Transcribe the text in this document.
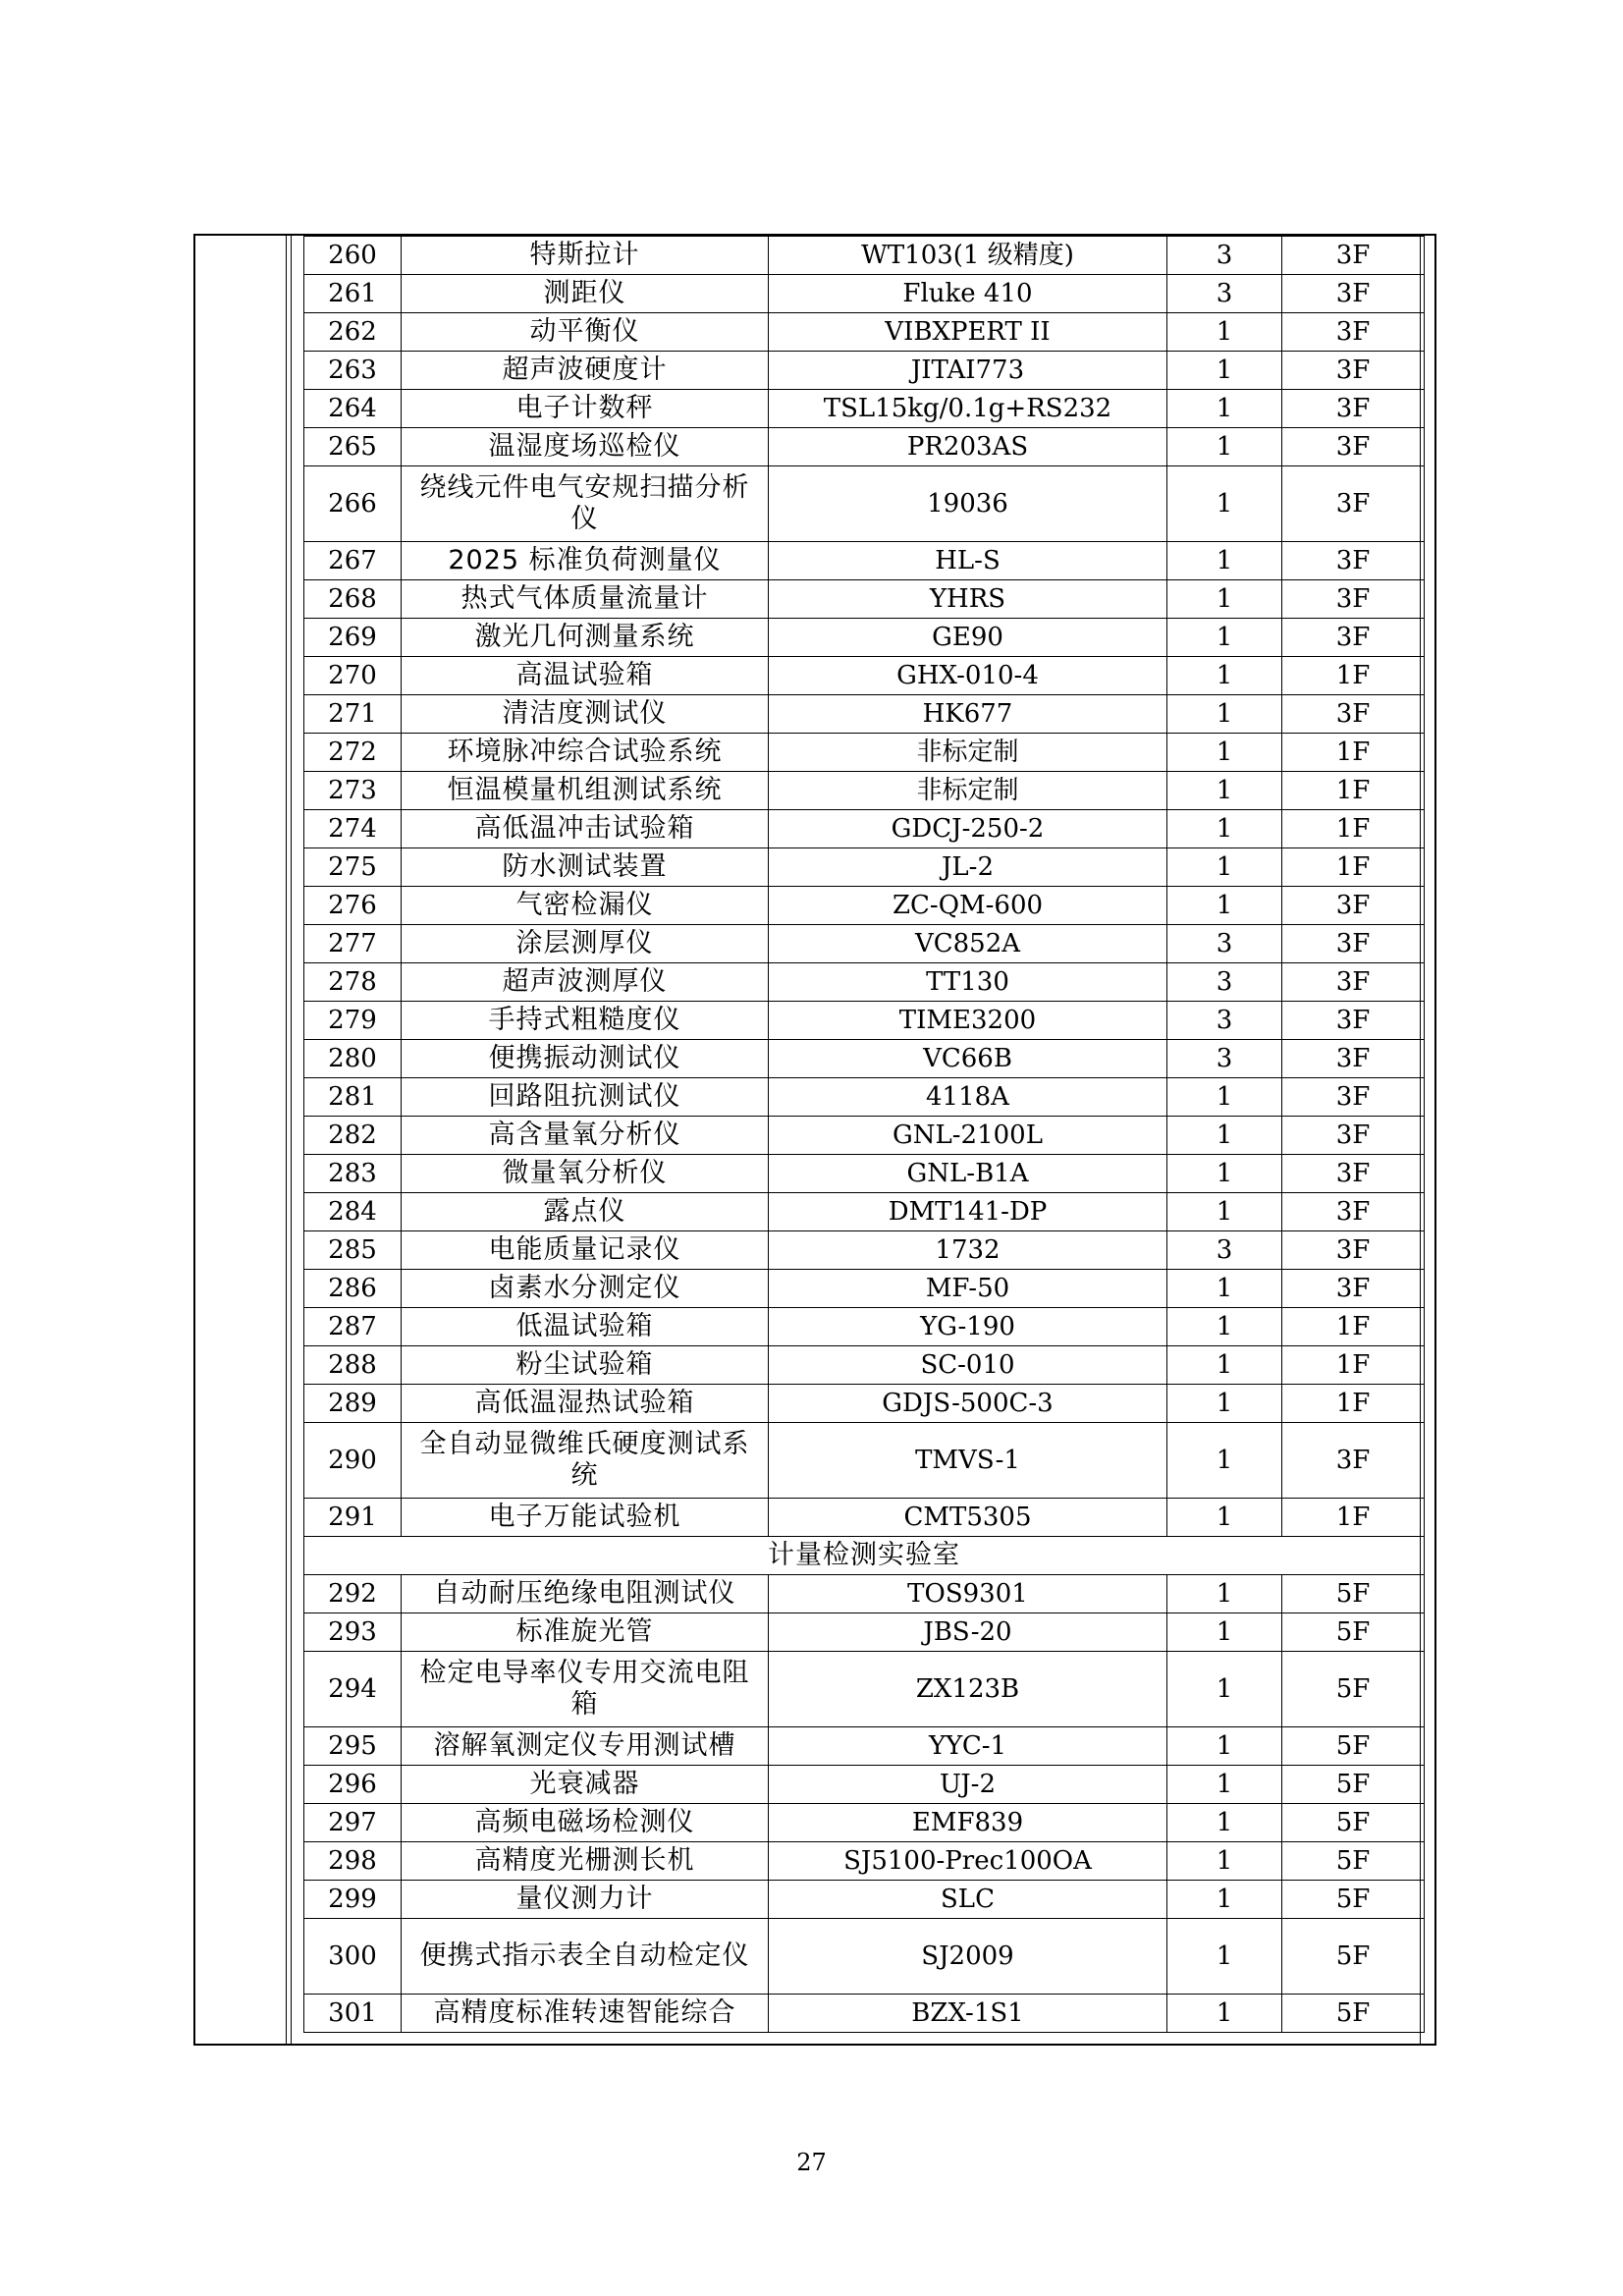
260	特斯拉计	WT103(1 级精度)	3	3F
261	测距仪	Fluke 410	3	3F
262	动平衡仪	VIBXPERT II	1	3F
263	超声波硬度计	JITAI773	1	3F
264	电子计数秤	TSL15kg/0.1g+RS232	1	3F
265	温湿度场巡检仪	PR203AS	1	3F
266	绕线元件电气安规扫描分析仪	19036	1	3F
267	2025 标准负荷测量仪	HL-S	1	3F
268	热式气体质量流量计	YHRS	1	3F
269	激光几何测量系统	GE90	1	3F
270	高温试验箱	GHX-010-4	1	1F
271	清洁度测试仪	HK677	1	3F
272	环境脉冲综合试验系统	非标定制	1	1F
273	恒温模量机组测试系统	非标定制	1	1F
274	高低温冲击试验箱	GDCJ-250-2	1	1F
275	防水测试装置	JL-2	1	1F
276	气密检漏仪	ZC-QM-600	1	3F
277	涂层测厚仪	VC852A	3	3F
278	超声波测厚仪	TT130	3	3F
279	手持式粗糙度仪	TIME3200	3	3F
280	便携振动测试仪	VC66B	3	3F
281	回路阻抗测试仪	4118A	1	3F
282	高含量氧分析仪	GNL-2100L	1	3F
283	微量氧分析仪	GNL-B1A	1	3F
284	露点仪	DMT141-DP	1	3F
285	电能质量记录仪	1732	3	3F
286	卤素水分测定仪	MF-50	1	3F
287	低温试验箱	YG-190	1	1F
288	粉尘试验箱	SC-010	1	1F
289	高低温湿热试验箱	GDJS-500C-3	1	1F
290	全自动显微维氏硬度测试系统	TMVS-1	1	3F
291	电子万能试验机	CMT5305	1	1F
计量检测实验室				
292	自动耐压绝缘电阻测试仪	TOS9301	1	5F
293	标准旋光管	JBS-20	1	5F
294	检定电导率仪专用交流电阻箱	ZX123B	1	5F
295	溶解氧测定仪专用测试槽	YYC-1	1	5F
296	光衰减器	UJ-2	1	5F
297	高频电磁场检测仪	EMF839	1	5F
298	高精度光栅测长机	SJ5100-Prec100OA	1	5F
299	量仪测力计	SLC	1	5F
300	便携式指示表全自动检定仪	SJ2009	1	5F
301	高精度标准转速智能综合	BZX-1S1	1	5F
27
